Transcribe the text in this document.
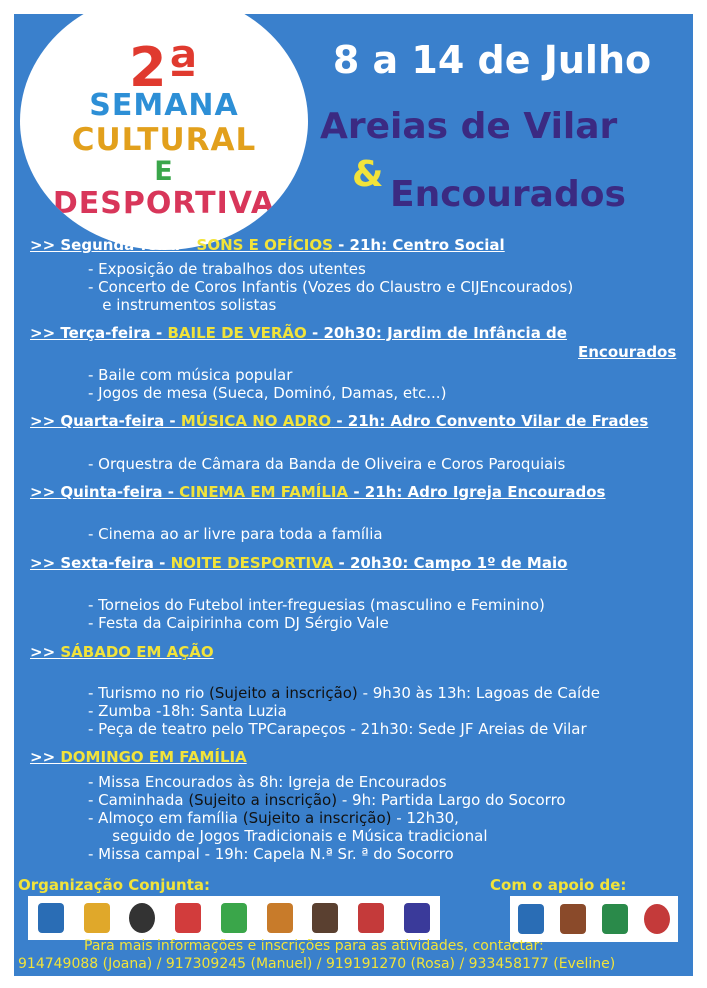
2ª
SEMANA
CULTURAL
E
DESPORTIVA
8 a 14 de Julho
Areias de Vilar
& Encourados
>> Segunda-feira - SONS E OFÍCIOS - 21h: Centro Social
- Exposição de trabalhos dos utentes
- Concerto de Coros Infantis (Vozes do Claustro e CIJEncourados)
e instrumentos solistas
>> Terça-feira - BAILE DE VERÃO - 20h30: Jardim de Infância de
Encourados
- Baile com música popular
- Jogos de mesa (Sueca, Dominó, Damas, etc...)
>> Quarta-feira - MÚSICA NO ADRO - 21h: Adro Convento Vilar de Frades
- Orquestra de Câmara da Banda de Oliveira e Coros Paroquiais
>> Quinta-feira - CINEMA EM FAMÍLIA - 21h: Adro Igreja Encourados
- Cinema ao ar livre para toda a família
>> Sexta-feira - NOITE DESPORTIVA - 20h30: Campo 1º de Maio
- Torneios do Futebol inter-freguesias (masculino e Feminino)
- Festa da Caipirinha com DJ Sérgio Vale
>> SÁBADO EM AÇÃO
- Turismo no rio (Sujeito a inscrição) - 9h30 às 13h: Lagoas de Caíde
- Zumba -18h: Santa Luzia
- Peça de teatro pelo TPCarapeços - 21h30: Sede JF Areias de Vilar
>> DOMINGO EM FAMÍLIA
- Missa Encourados às 8h: Igreja de Encourados
- Caminhada (Sujeito a inscrição) - 9h: Partida Largo do Socorro
- Almoço em família (Sujeito a inscrição) - 12h30,
seguido de Jogos Tradicionais e Música tradicional
- Missa campal - 19h: Capela N.ª Sr. ª do Socorro
Organização Conjunta:	Com o apoio de:
Para mais informações e inscrições para as atividades, contactar:
914749088 (Joana) / 917309245 (Manuel) / 919191270 (Rosa) / 933458177 (Eveline)
